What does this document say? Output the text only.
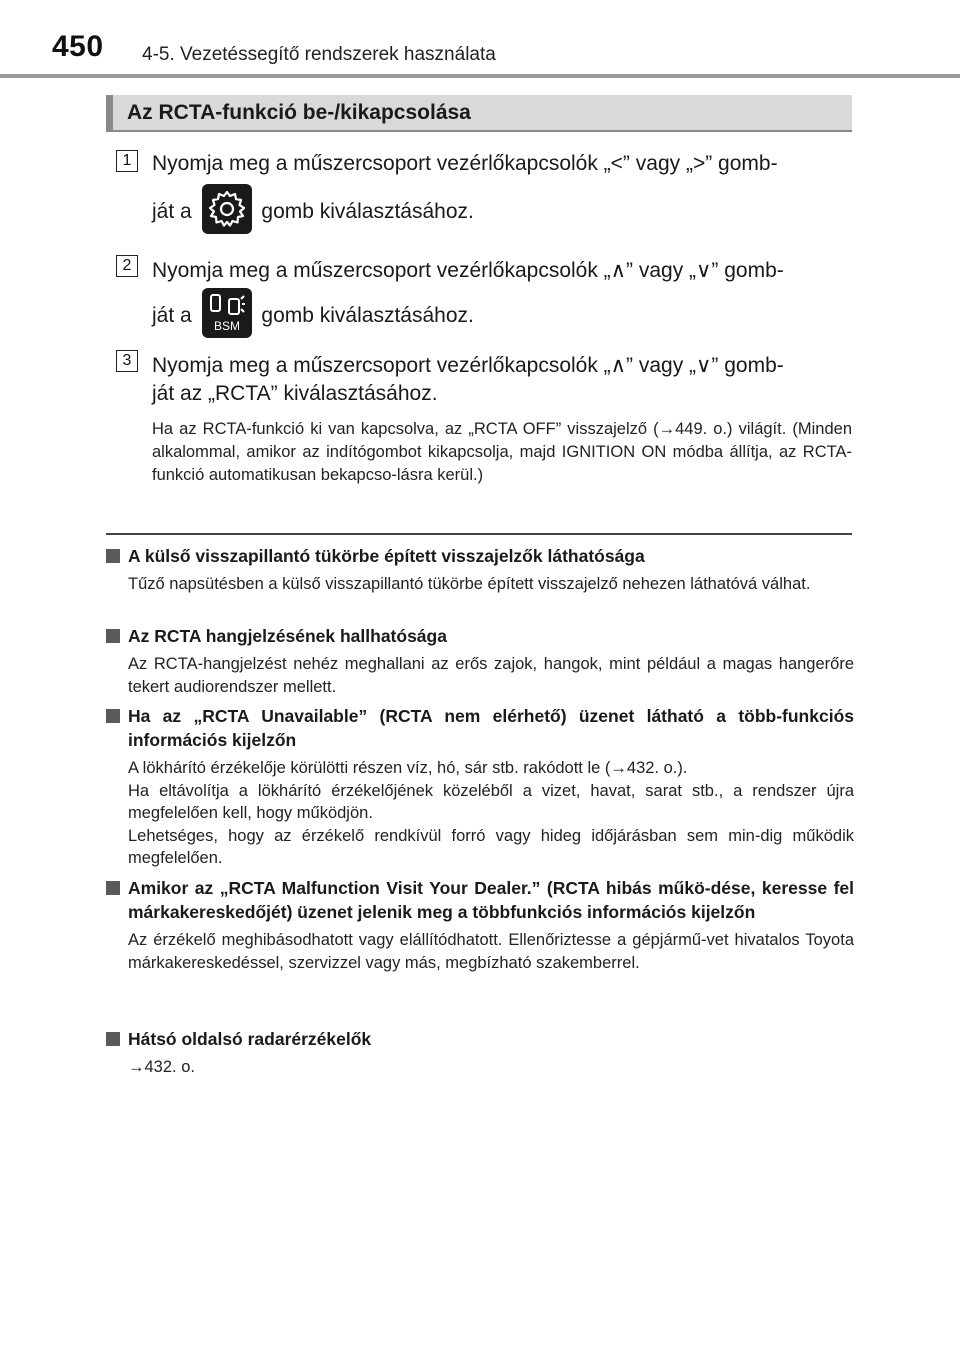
450 4-5. Vezetéssegítő rendszerek használata
Az RCTA-funkció be-/kikapcsolása
1 Nyomja meg a műszercsoport vezérlőkapcsolók „<” vagy „>” gomb-
ját a	gomb kiválasztásához.
2 Nyomja meg a műszercsoport vezérlőkapcsolók „∧” vagy „∨” gomb-
ját a BSM gomb kiválasztásához.
3 Nyomja meg a műszercsoport vezérlőkapcsolók „∧” vagy „∨” gomb-
ját az „RCTA” kiválasztásához.
Ha az RCTA-funkció ki van kapcsolva, az „RCTA OFF” visszajelző (→449. o.) világít. (Minden alkalommal, amikor az indítógombot kikapcsolja, majd IGNITION ON módba állítja, az RCTA-funkció automatikusan bekapcso-lásra kerül.)
A külső visszapillantó tükörbe épített visszajelzők láthatósága

Tűző napsütésben a külső visszapillantó tükörbe épített visszajelző nehezen láthatóvá válhat.

Az RCTA hangjelzésének hallhatósága

Az RCTA-hangjelzést nehéz meghallani az erős zajok, hangok, mint például a magas hangerőre tekert audiorendszer mellett.

Ha az „RCTA Unavailable” (RCTA nem elérhető) üzenet látható a több-funkciós információs kijelzőn

A lökhárító érzékelője körülötti részen víz, hó, sár stb. rakódott le (→432. o.).

Ha eltávolítja a lökhárító érzékelőjének közeléből a vizet, havat, sarat stb., a rendszer újra megfelelően kell, hogy működjön.

Lehetséges, hogy az érzékelő rendkívül forró vagy hideg időjárásban sem min-dig működik megfelelően.

Amikor az „RCTA Malfunction Visit Your Dealer.” (RCTA hibás műkö-dése, keresse fel márkakereskedőjét) üzenet jelenik meg a többfunkciós információs kijelzőn

Az érzékelő meghibásodhatott vagy elállítódhatott. Ellenőriztesse a gépjármű-vet hivatalos Toyota márkakereskedéssel, szervizzel vagy más, megbízható szakemberrel.

Hátsó oldalsó radarérzékelők

→432. o.
